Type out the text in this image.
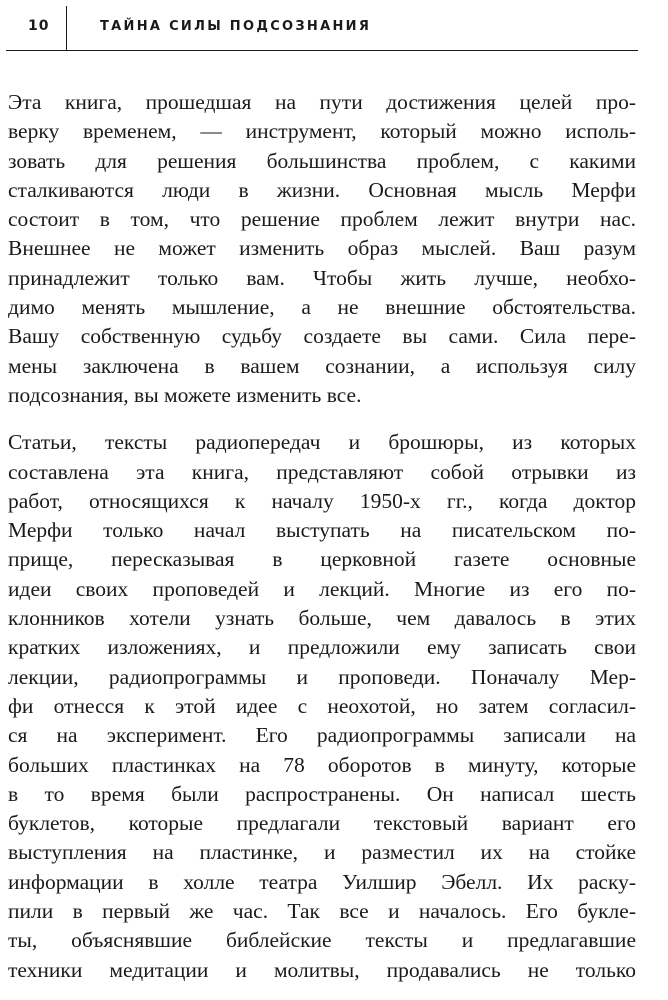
10	ТАЙНА СИЛЫ ПОДСОЗНАНИЯ

Эта книга, прошедшая на пути достижения целей про-
верку временем, — инструмент, который можно исполь-
зовать для решения большинства проблем, с какими
сталкиваются люди в жизни. Основная мысль Мерфи
состоит в том, что решение проблем лежит внутри нас.
Внешнее не может изменить образ мыслей. Ваш разум
принадлежит только вам. Чтобы жить лучше, необхо-
димо менять мышление, а не внешние обстоятельства.
Вашу собственную судьбу создаете вы сами. Сила пере-
мены заключена в вашем сознании, а используя силу
подсознания, вы можете изменить все.

Статьи, тексты радиопередач и брошюры, из которых
составлена эта книга, представляют собой отрывки из
работ, относящихся к началу 1950-х гг., когда доктор
Мерфи только начал выступать на писательском по-
прище, пересказывая в церковной газете основные
идеи своих проповедей и лекций. Многие из его по-
клонников хотели узнать больше, чем давалось в этих
кратких изложениях, и предложили ему записать свои
лекции, радиопрограммы и проповеди. Поначалу Мер-
фи отнесся к этой идее с неохотой, но затем согласил-
ся на эксперимент. Его радиопрограммы записали на
больших пластинках на 78 оборотов в минуту, которые
в то время были распространены. Он написал шесть
буклетов, которые предлагали текстовый вариант его
выступления на пластинке, и разместил их на стойке
информации в холле театра Уилшир Эбелл. Их раску-
пили в первый же час. Так все и началось. Его букле-
ты, объяснявшие библейские тексты и предлагавшие
техники медитации и молитвы, продавались не только
